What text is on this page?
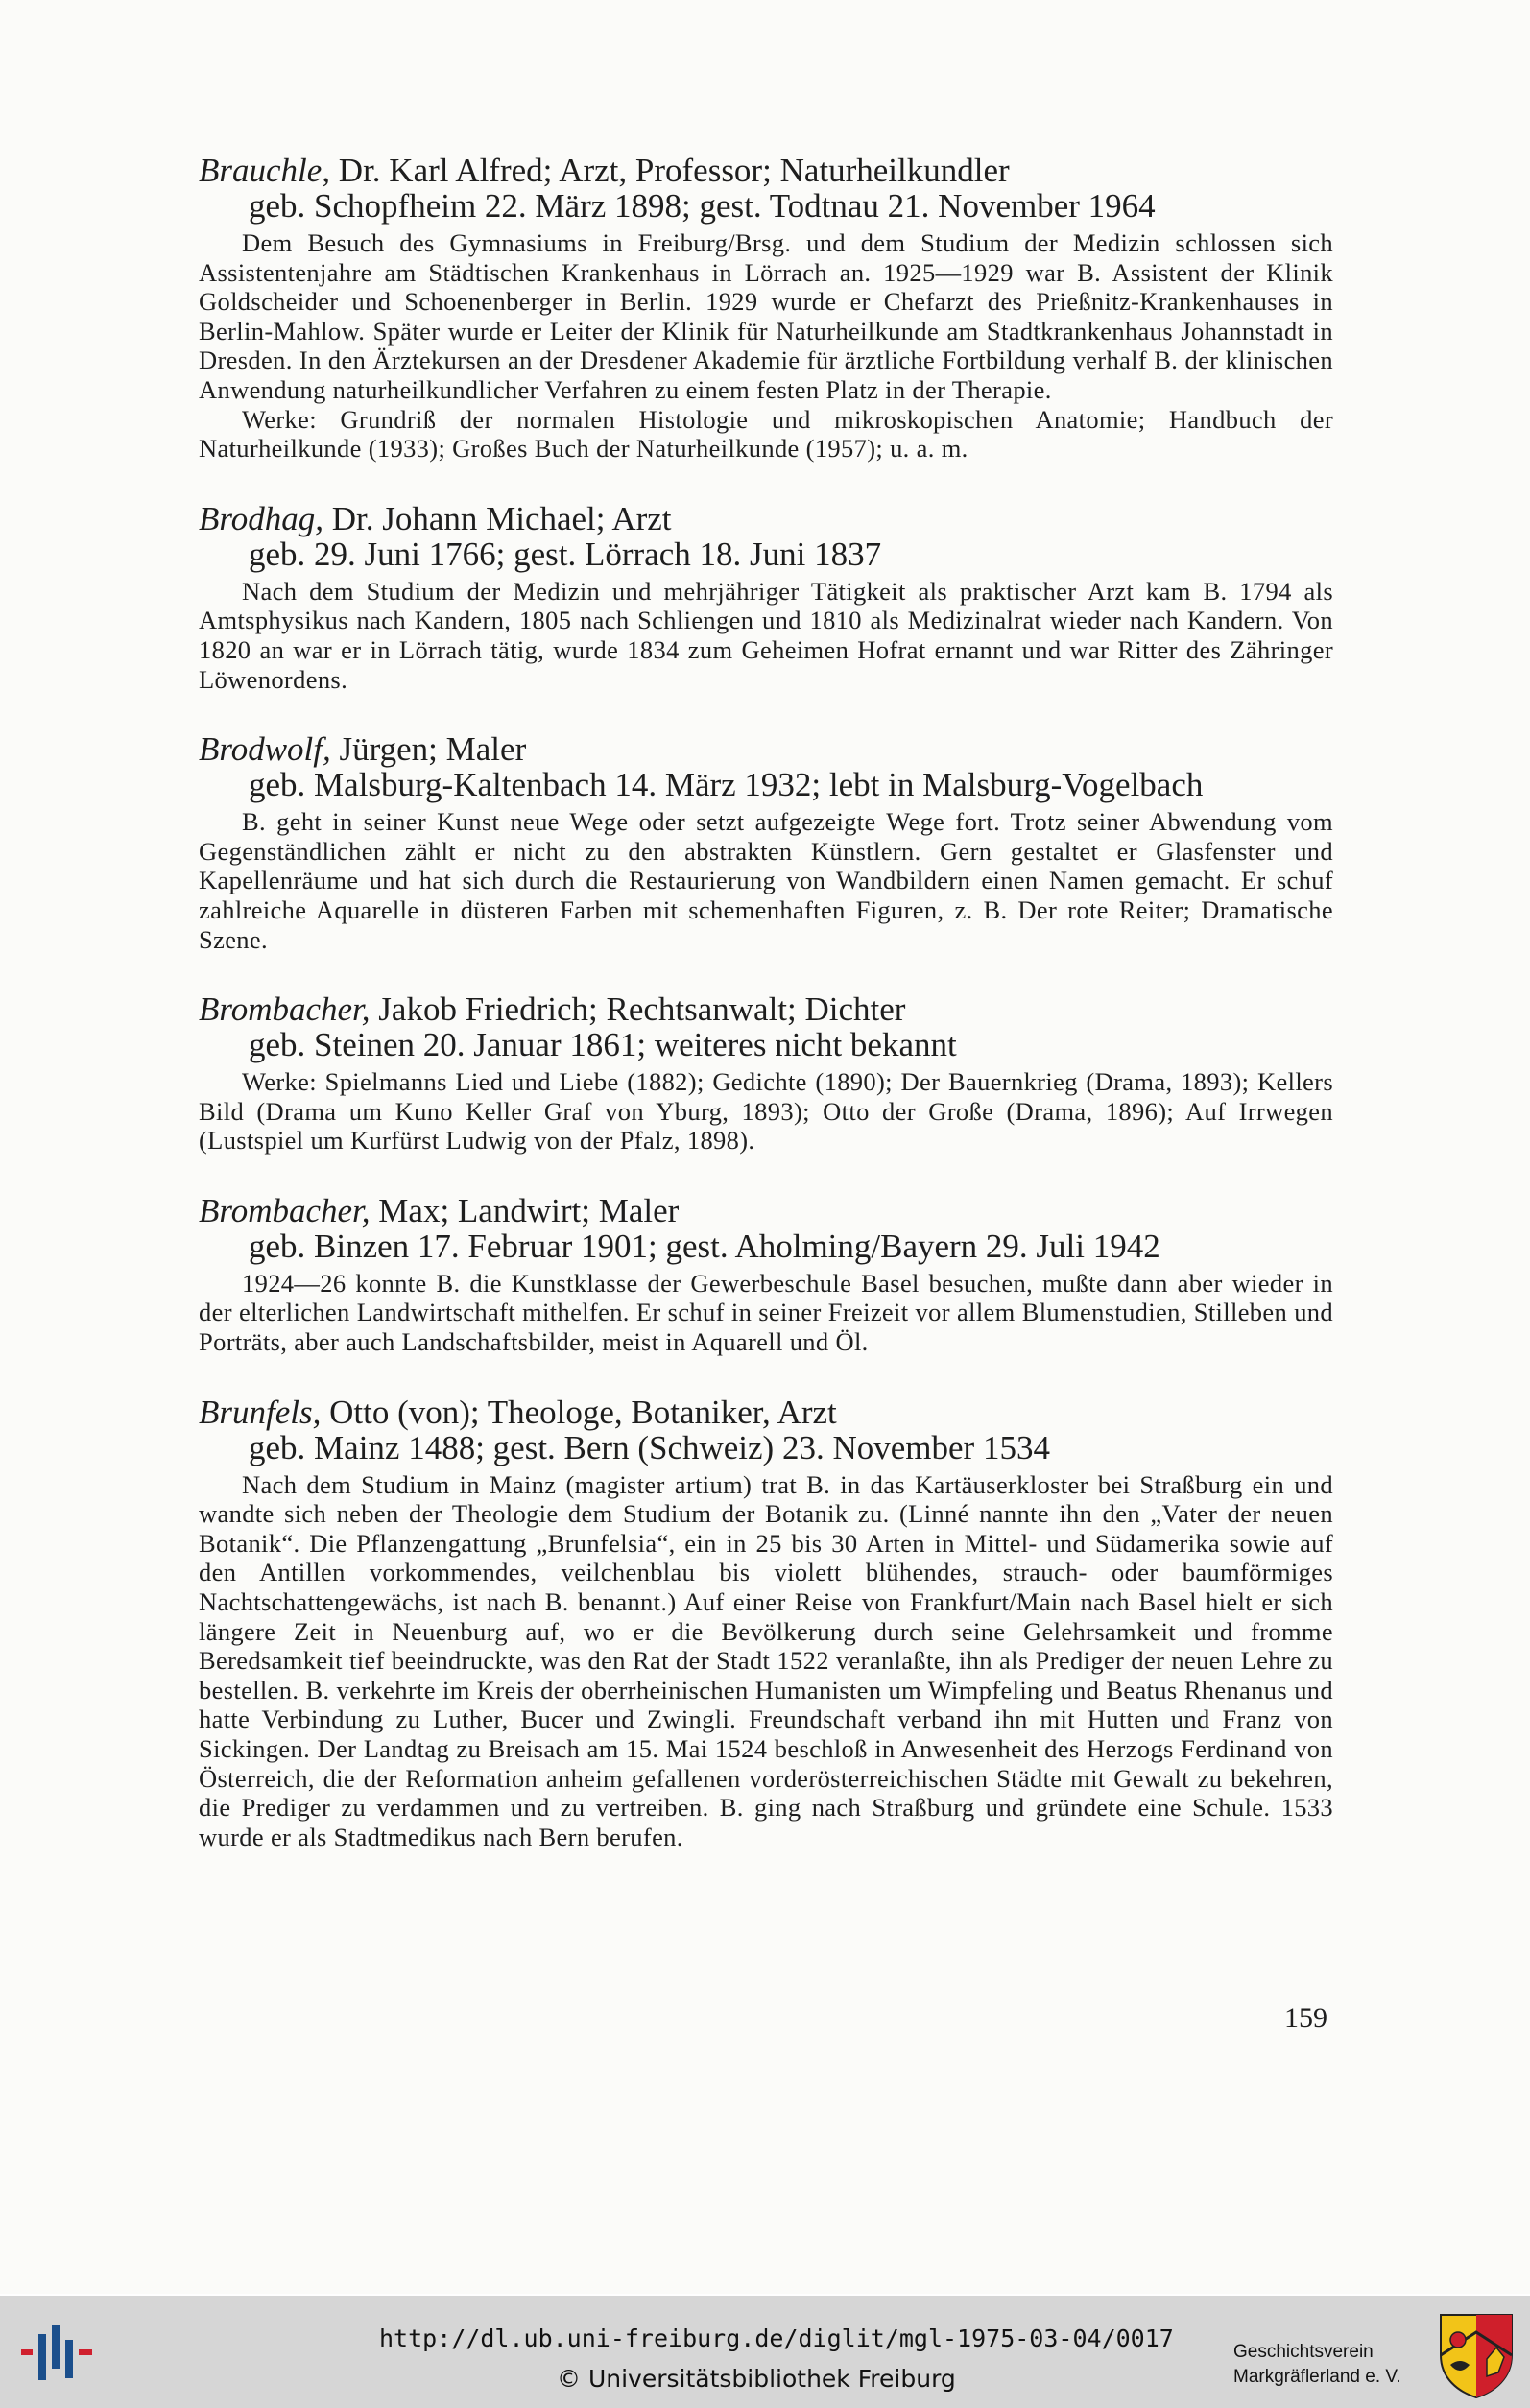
Brauchle, Dr. Karl Alfred; Arzt, Professor; Naturheilkundler

geb. Schopfheim 22. März 1898; gest. Todtnau 21. November 1964

Dem Besuch des Gymnasiums in Freiburg/Brsg. und dem Studium der Medizin schlossen sich Assistentenjahre am Städtischen Krankenhaus in Lörrach an. 1925—1929 war B. Assistent der Klinik Goldscheider und Schoenenberger in Berlin. 1929 wurde er Chefarzt des Prießnitz-Krankenhauses in Berlin-Mahlow. Später wurde er Leiter der Klinik für Naturheilkunde am Stadtkrankenhaus Johannstadt in Dresden. In den Ärztekursen an der Dresdener Akademie für ärztliche Fortbildung verhalf B. der klinischen Anwendung naturheilkundlicher Verfahren zu einem festen Platz in der Therapie.

Werke: Grundriß der normalen Histologie und mikroskopischen Anatomie; Handbuch der Naturheilkunde (1933); Großes Buch der Naturheilkunde (1957); u. a. m.

Brodhag, Dr. Johann Michael; Arzt

geb. 29. Juni 1766; gest. Lörrach 18. Juni 1837

Nach dem Studium der Medizin und mehrjähriger Tätigkeit als praktischer Arzt kam B. 1794 als Amtsphysikus nach Kandern, 1805 nach Schliengen und 1810 als Medizinalrat wieder nach Kandern. Von 1820 an war er in Lörrach tätig, wurde 1834 zum Geheimen Hofrat ernannt und war Ritter des Zähringer Löwenordens.

Brodwolf, Jürgen; Maler

geb. Malsburg-Kaltenbach 14. März 1932; lebt in Malsburg-Vogelbach

B. geht in seiner Kunst neue Wege oder setzt aufgezeigte Wege fort. Trotz seiner Abwendung vom Gegenständlichen zählt er nicht zu den abstrakten Künstlern. Gern gestaltet er Glasfenster und Kapellenräume und hat sich durch die Restaurierung von Wandbildern einen Namen gemacht. Er schuf zahlreiche Aquarelle in düsteren Farben mit schemenhaften Figuren, z. B. Der rote Reiter; Dramatische Szene.

Brombacher, Jakob Friedrich; Rechtsanwalt; Dichter

geb. Steinen 20. Januar 1861; weiteres nicht bekannt

Werke: Spielmanns Lied und Liebe (1882); Gedichte (1890); Der Bauernkrieg (Drama, 1893); Kellers Bild (Drama um Kuno Keller Graf von Yburg, 1893); Otto der Große (Drama, 1896); Auf Irrwegen (Lustspiel um Kurfürst Ludwig von der Pfalz, 1898).

Brombacher, Max; Landwirt; Maler

geb. Binzen 17. Februar 1901; gest. Aholming/Bayern 29. Juli 1942

1924—26 konnte B. die Kunstklasse der Gewerbeschule Basel besuchen, mußte dann aber wieder in der elterlichen Landwirtschaft mithelfen. Er schuf in seiner Freizeit vor allem Blumenstudien, Stilleben und Porträts, aber auch Landschaftsbilder, meist in Aquarell und Öl.

Brunfels, Otto (von); Theologe, Botaniker, Arzt

geb. Mainz 1488; gest. Bern (Schweiz) 23. November 1534

Nach dem Studium in Mainz (magister artium) trat B. in das Kartäuserkloster bei Straßburg ein und wandte sich neben der Theologie dem Studium der Botanik zu. (Linné nannte ihn den „Vater der neuen Botanik“. Die Pflanzengattung „Brunfelsia“, ein in 25 bis 30 Arten in Mittel- und Südamerika sowie auf den Antillen vorkommendes, veilchenblau bis violett blühendes, strauch- oder baumförmiges Nachtschattengewächs, ist nach B. benannt.) Auf einer Reise von Frankfurt/Main nach Basel hielt er sich längere Zeit in Neuenburg auf, wo er die Bevölkerung durch seine Gelehrsamkeit und fromme Beredsamkeit tief beeindruckte, was den Rat der Stadt 1522 veranlaßte, ihn als Prediger der neuen Lehre zu bestellen. B. verkehrte im Kreis der oberrheinischen Humanisten um Wimpfeling und Beatus Rhenanus und hatte Verbindung zu Luther, Bucer und Zwingli. Freundschaft verband ihn mit Hutten und Franz von Sickingen. Der Landtag zu Breisach am 15. Mai 1524 beschloß in Anwesenheit des Herzogs Ferdinand von Österreich, die der Reformation anheim gefallenen vorderösterreichischen Städte mit Gewalt zu bekehren, die Prediger zu verdammen und zu vertreiben. B. ging nach Straßburg und gründete eine Schule. 1533 wurde er als Stadtmedikus nach Bern berufen.

159
http://dl.ub.uni-freiburg.de/diglit/mgl-1975-03-04/0017
© Universitätsbibliothek Freiburg
Geschichtsverein
Markgräflerland e. V.
